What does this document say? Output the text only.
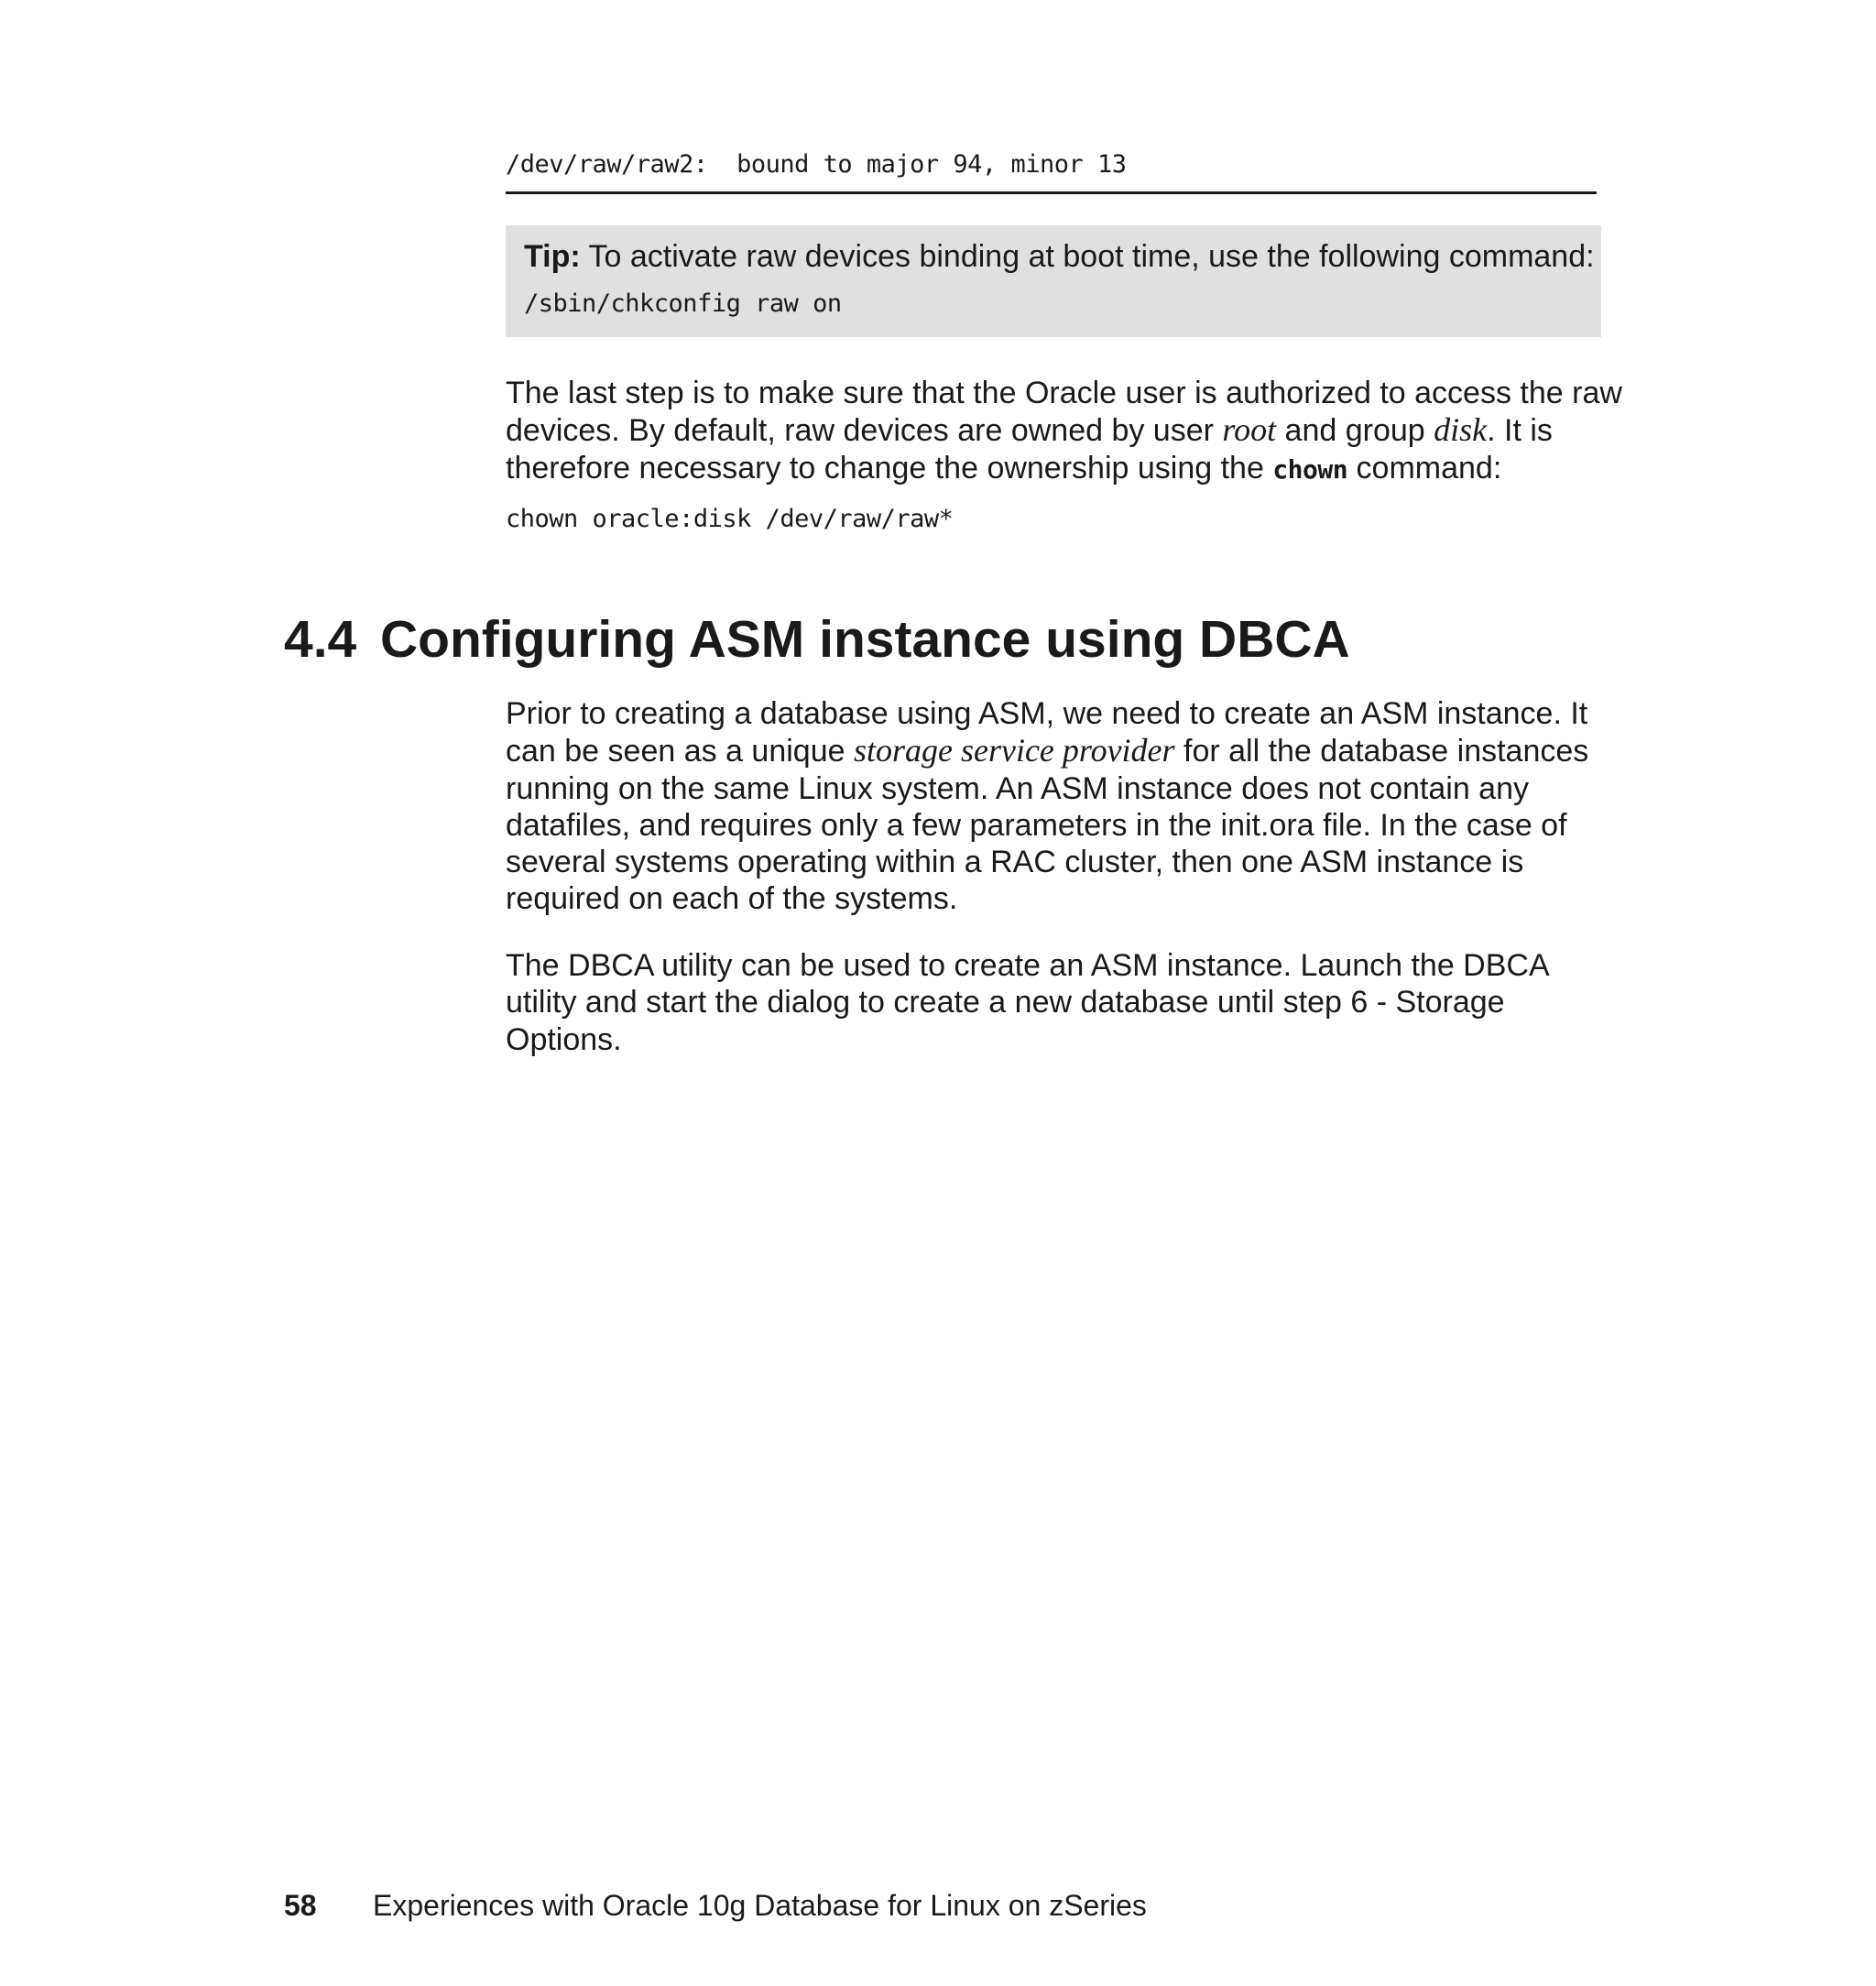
/dev/raw/raw2:  bound to major 94, minor 13
Tip: To activate raw devices binding at boot time, use the following command:
/sbin/chkconfig raw on
The last step is to make sure that the Oracle user is authorized to access the raw
devices. By default, raw devices are owned by user root and group disk. It is
therefore necessary to change the ownership using the chown command:
chown oracle:disk /dev/raw/raw*
4.4 Configuring ASM instance using DBCA
Prior to creating a database using ASM, we need to create an ASM instance. It
can be seen as a unique storage service provider for all the database instances
running on the same Linux system. An ASM instance does not contain any
datafiles, and requires only a few parameters in the init.ora file. In the case of
several systems operating within a RAC cluster, then one ASM instance is
required on each of the systems.
The DBCA utility can be used to create an ASM instance. Launch the DBCA
utility and start the dialog to create a new database until step 6 - Storage
Options.
58 Experiences with Oracle 10g Database for Linux on zSeries
